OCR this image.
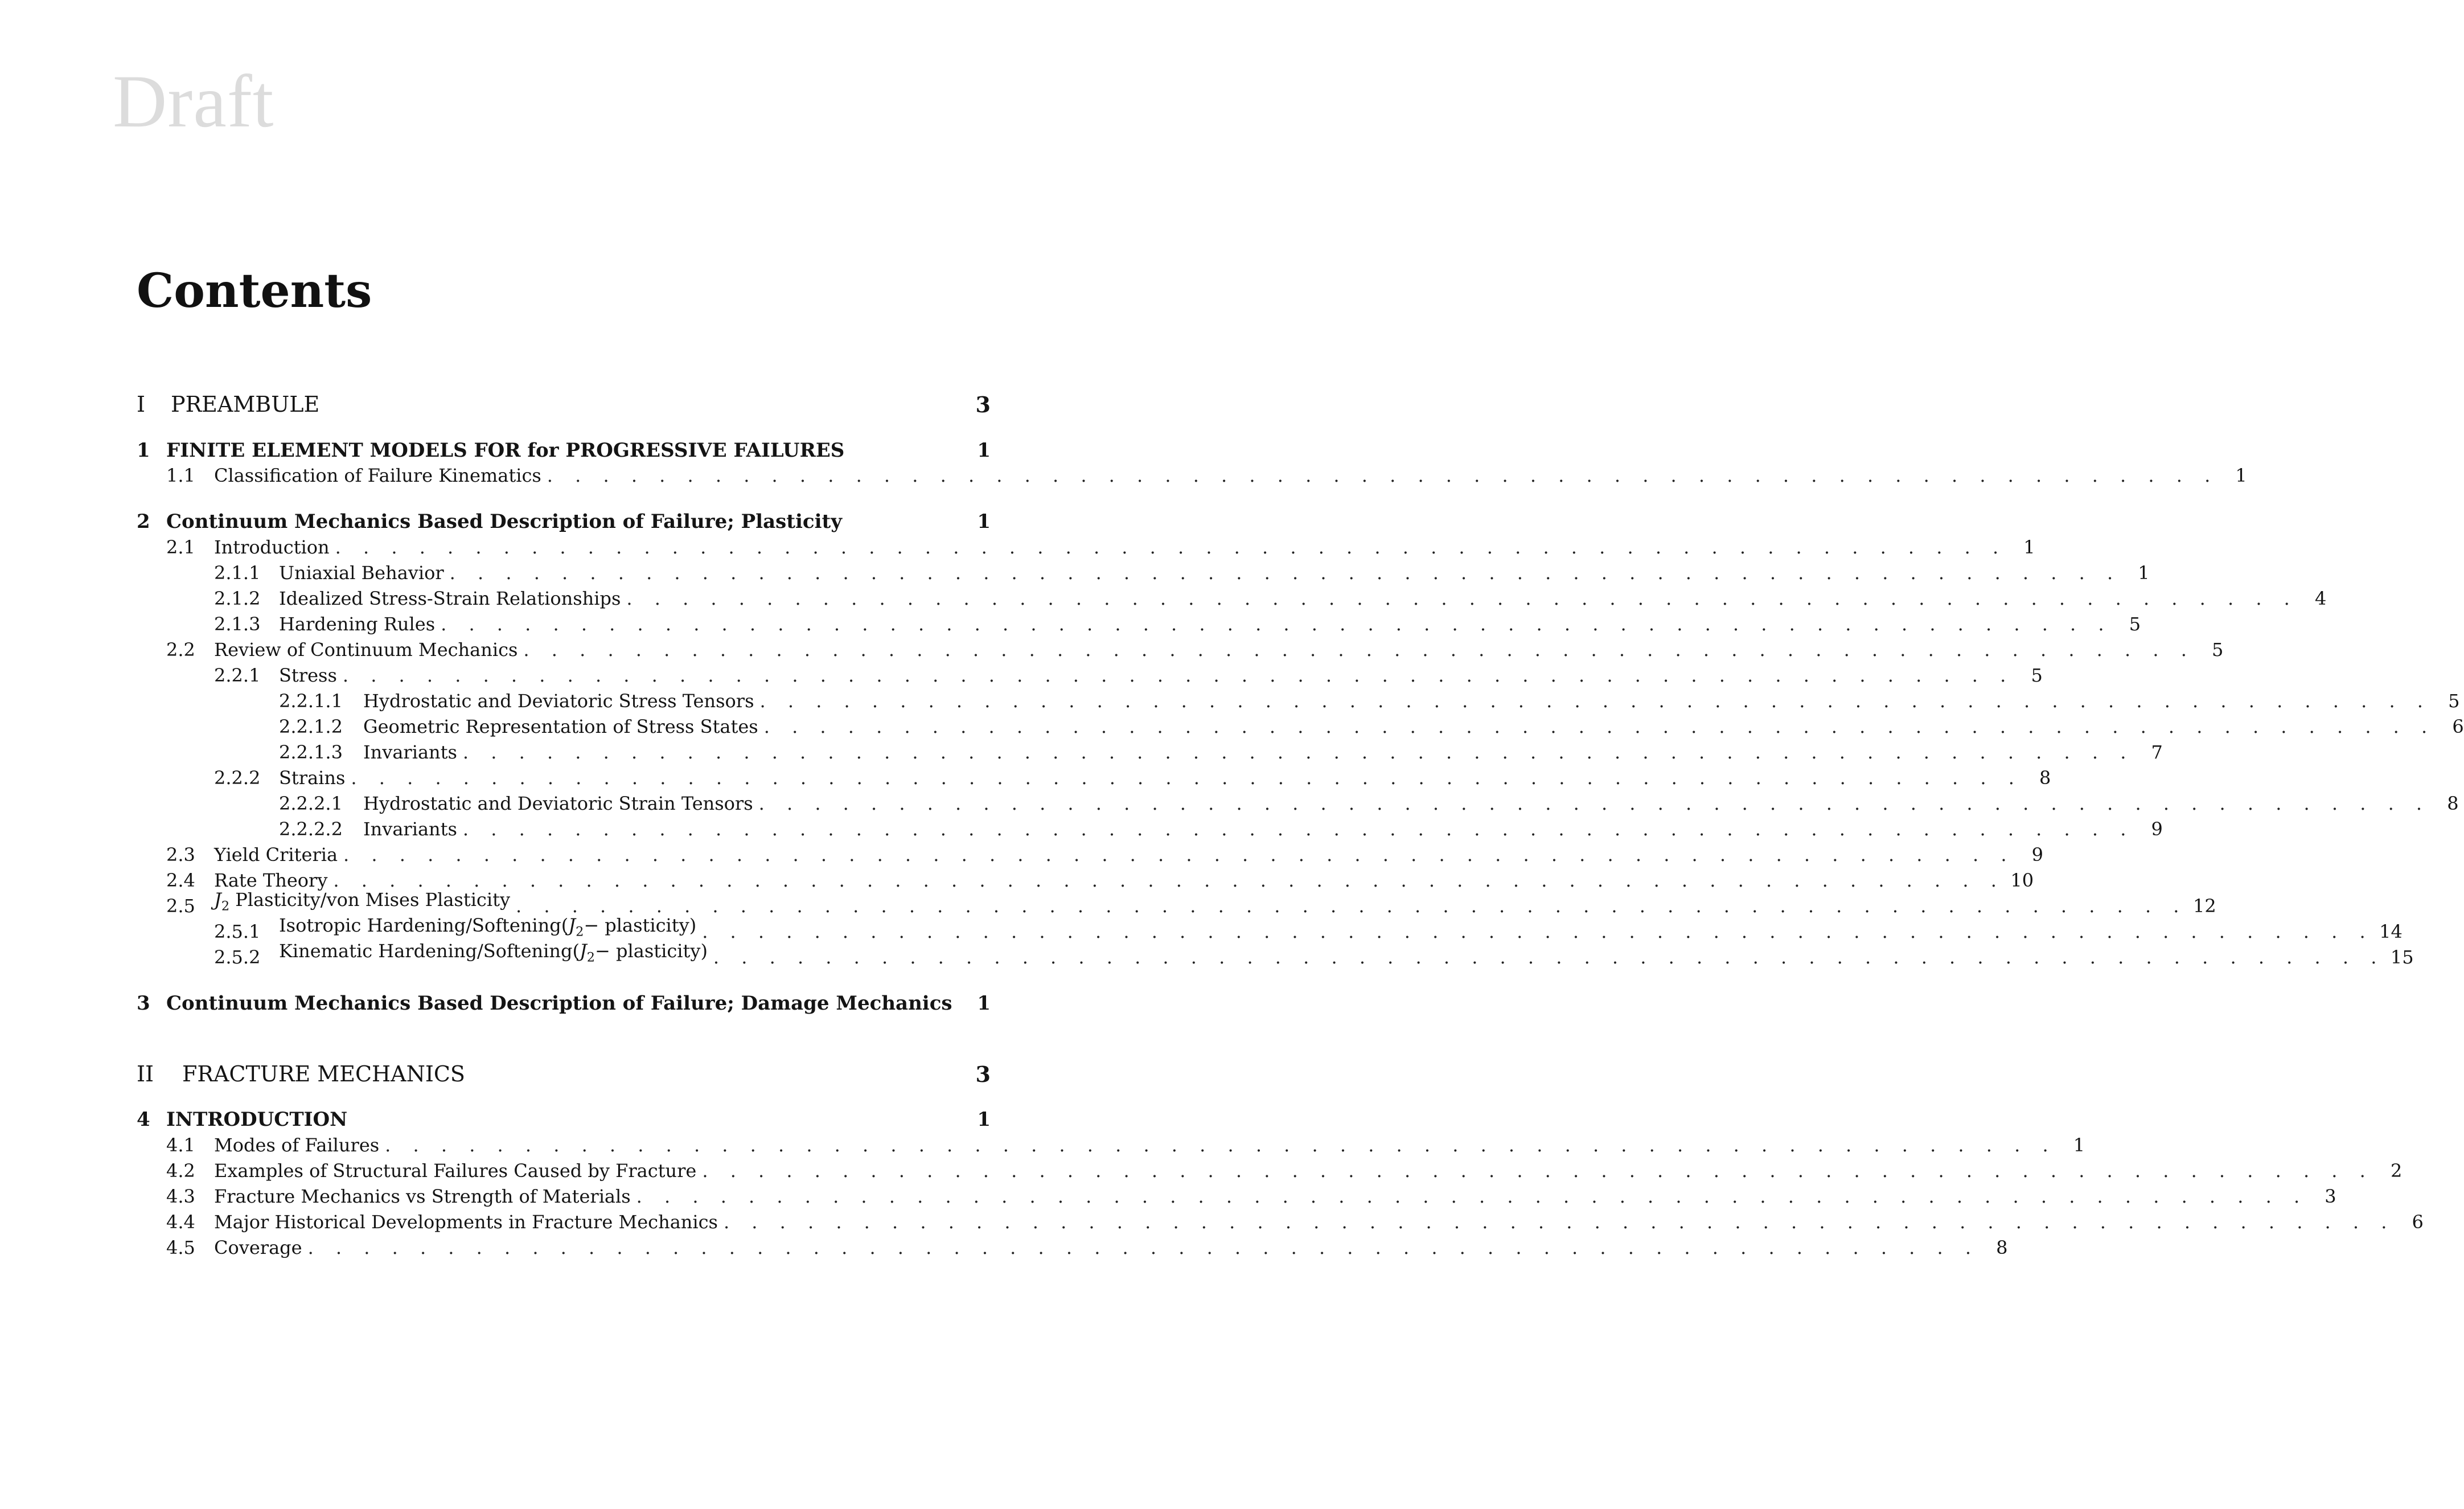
Draft
Contents
I	PREAMBULE	3
1 FINITE ELEMENT MODELS FOR for PROGRESSIVE FAILURES	1
1.1	Classification of Failure Kinematics . . . . . . . . . . . . . . . . . . . . . . . . . . . . . . . . . . . . . . . . . . . . . . . . . . . . . . . . . . . . 1
2 Continuum Mechanics Based Description of Failure; Plasticity	1
2.1	Introduction . . . . . . . . . . . . . . . . . . . . . . . . . . . . . . . . . . . . . . . . . . . . . . . . . . . . . . . . . . . . 1
2.1.1	Uniaxial Behavior . . . . . . . . . . . . . . . . . . . . . . . . . . . . . . . . . . . . . . . . . . . . . . . . . . . . . . . . . . . . 1
2.1.2	Idealized Stress-Strain Relationships . . . . . . . . . . . . . . . . . . . . . . . . . . . . . . . . . . . . . . . . . . . . . . . . . . . . . . . . . . . . 4
2.1.3	Hardening Rules . . . . . . . . . . . . . . . . . . . . . . . . . . . . . . . . . . . . . . . . . . . . . . . . . . . . . . . . . . . . 5
2.2	Review of Continuum Mechanics . . . . . . . . . . . . . . . . . . . . . . . . . . . . . . . . . . . . . . . . . . . . . . . . . . . . . . . . . . . . 5
2.2.1	Stress . . . . . . . . . . . . . . . . . . . . . . . . . . . . . . . . . . . . . . . . . . . . . . . . . . . . . . . . . . . . 5
2.2.1.1	Hydrostatic and Deviatoric Stress Tensors . . . . . . . . . . . . . . . . . . . . . . . . . . . . . . . . . . . . . . . . . . . . . . . . . . . . . . . . . . . . 5
2.2.1.2	Geometric Representation of Stress States . . . . . . . . . . . . . . . . . . . . . . . . . . . . . . . . . . . . . . . . . . . . . . . . . . . . . . . . . . . . 6
2.2.1.3	Invariants . . . . . . . . . . . . . . . . . . . . . . . . . . . . . . . . . . . . . . . . . . . . . . . . . . . . . . . . . . . . 7
2.2.2	Strains . . . . . . . . . . . . . . . . . . . . . . . . . . . . . . . . . . . . . . . . . . . . . . . . . . . . . . . . . . . . 8
2.2.2.1	Hydrostatic and Deviatoric Strain Tensors . . . . . . . . . . . . . . . . . . . . . . . . . . . . . . . . . . . . . . . . . . . . . . . . . . . . . . . . . . . . 8
2.2.2.2	Invariants . . . . . . . . . . . . . . . . . . . . . . . . . . . . . . . . . . . . . . . . . . . . . . . . . . . . . . . . . . . . 9
2.3	Yield Criteria . . . . . . . . . . . . . . . . . . . . . . . . . . . . . . . . . . . . . . . . . . . . . . . . . . . . . . . . . . . . 9
2.4	Rate Theory . . . . . . . . . . . . . . . . . . . . . . . . . . . . . . . . . . . . . . . . . . . . . . . . . . . . . . . . . . . . 10
2.5	$J_2$ Plasticity/von Mises Plasticity . . . . . . . . . . . . . . . . . . . . . . . . . . . . . . . . . . . . . . . . . . . . . . . . . . . . . . . . . . . . 12
2.5.1	Isotropic Hardening/$Softening(J_2-$ plasticity) . . . . . . . . . . . . . . . . . . . . . . . . . . . . . . . . . . . . . . . . . . . . . . . . . . . . . . . . . . . . 14
2.5.2	Kinematic Hardening/$Softening(J_2-$ plasticity) . . . . . . . . . . . . . . . . . . . . . . . . . . . . . . . . . . . . . . . . . . . . . . . . . . . . . . . . . . . . 15
3 Continuum Mechanics Based Description of Failure; Damage Mechanics	1
II	FRACTURE MECHANICS	3
4 INTRODUCTION	1
4.1	Modes of Failures . . . . . . . . . . . . . . . . . . . . . . . . . . . . . . . . . . . . . . . . . . . . . . . . . . . . . . . . . . . . 1
4.2	Examples of Structural Failures Caused by Fracture . . . . . . . . . . . . . . . . . . . . . . . . . . . . . . . . . . . . . . . . . . . . . . . . . . . . . . . . . . . . 2
4.3	Fracture Mechanics vs Strength of Materials . . . . . . . . . . . . . . . . . . . . . . . . . . . . . . . . . . . . . . . . . . . . . . . . . . . . . . . . . . . . 3
4.4	Major Historical Developments in Fracture Mechanics . . . . . . . . . . . . . . . . . . . . . . . . . . . . . . . . . . . . . . . . . . . . . . . . . . . . . . . . . . . . 6
4.5	Coverage . . . . . . . . . . . . . . . . . . . . . . . . . . . . . . . . . . . . . . . . . . . . . . . . . . . . . . . . . . . . 8
